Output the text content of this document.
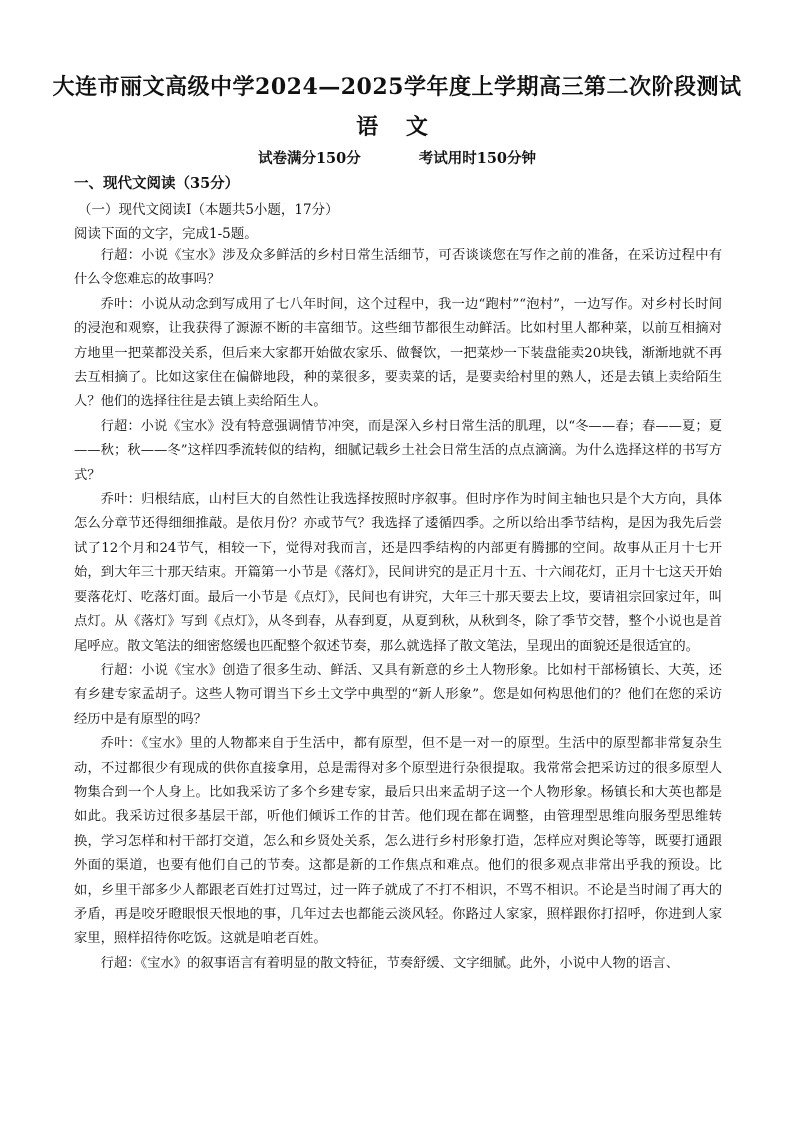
大连市丽文高级中学2024—2025学年度上学期高三第二次阶段测试
语 文
试卷满分150分	考试用时150分钟
一、现代文阅读（35分）
（一）现代文阅读Ⅰ（本题共5小题，17分）
阅读下面的文字，完成1-5题。

行超：小说《宝水》涉及众多鲜活的乡村日常生活细节，可否谈谈您在写作之前的准备，在采访过程中有什么令您难忘的故事吗？

乔叶：小说从动念到写成用了七八年时间，这个过程中，我一边“跑村”“泡村”，一边写作。对乡村长时间的浸泡和观察，让我获得了源源不断的丰富细节。这些细节都很生动鲜活。比如村里人都种菜，以前互相摘对方地里一把菜都没关系，但后来大家都开始做农家乐、做餐饮，一把菜炒一下装盘能卖20块钱，渐渐地就不再去互相摘了。比如这家住在偏僻地段，种的菜很多，要卖菜的话，是要卖给村里的熟人，还是去镇上卖给陌生人？他们的选择往往是去镇上卖给陌生人。

行超：小说《宝水》没有特意强调情节冲突，而是深入乡村日常生活的肌理，以“冬——春；春——夏；夏——秋；秋——冬”这样四季流转似的结构，细腻记载乡土社会日常生活的点点滴滴。为什么选择这样的书写方式？

乔叶：归根结底，山村巨大的自然性让我选择按照时序叙事。但时序作为时间主轴也只是个大方向，具体怎么分章节还得细细推敲。是依月份？亦或节气？我选择了逶循四季。之所以给出季节结构，是因为我先后尝试了12个月和24节气，相较一下，觉得对我而言，还是四季结构的内部更有腾挪的空间。故事从正月十七开始，到大年三十那天结束。开篇第一小节是《落灯》，民间讲究的是正月十五、十六闹花灯，正月十七这天开始要落花灯、吃落灯面。最后一小节是《点灯》，民间也有讲究，大年三十那天要去上坟，要请祖宗回家过年，叫点灯。从《落灯》写到《点灯》，从冬到春，从春到夏，从夏到秋，从秋到冬，除了季节交替，整个小说也是首尾呼应。散文笔法的细密悠缓也匹配整个叙述节奏，那么就选择了散文笔法，呈现出的面貌还是很适宜的。

行超：小说《宝水》创造了很多生动、鲜活、又具有新意的乡土人物形象。比如村干部杨镇长、大英，还有乡建专家孟胡子。这些人物可谓当下乡土文学中典型的“新人形象”。您是如何构思他们的？他们在您的采访经历中是有原型的吗？

乔叶：《宝水》里的人物都来自于生活中，都有原型，但不是一对一的原型。生活中的原型都非常复杂生动，不过都很少有现成的供你直接拿用，总是需得对多个原型进行杂很提取。我常常会把采访过的很多原型人物集合到一个人身上。比如我采访了多个乡建专家，最后只出来孟胡子这一个人物形象。杨镇长和大英也都是如此。我采访过很多基层干部，听他们倾诉工作的甘苦。他们现在都在调整，由管理型思维向服务型思维转换，学习怎样和村干部打交道，怎么和乡贤处关系，怎么进行乡村形象打造，怎样应对舆论等等，既要打通跟外面的渠道，也要有他们自己的节奏。这都是新的工作焦点和难点。他们的很多观点非常出乎我的预设。比如，乡里干部多少人都跟老百姓打过骂过，过一阵子就成了不打不相识，不骂不相识。不论是当时闹了再大的矛盾，再是咬牙瞪眼恨天恨地的事，几年过去也都能云淡风轻。你路过人家家，照样跟你打招呼，你进到人家家里，照样招待你吃饭。这就是咱老百姓。

行超：《宝水》的叙事语言有着明显的散文特征，节奏舒缓、文字细腻。此外，小说中人物的语言、
